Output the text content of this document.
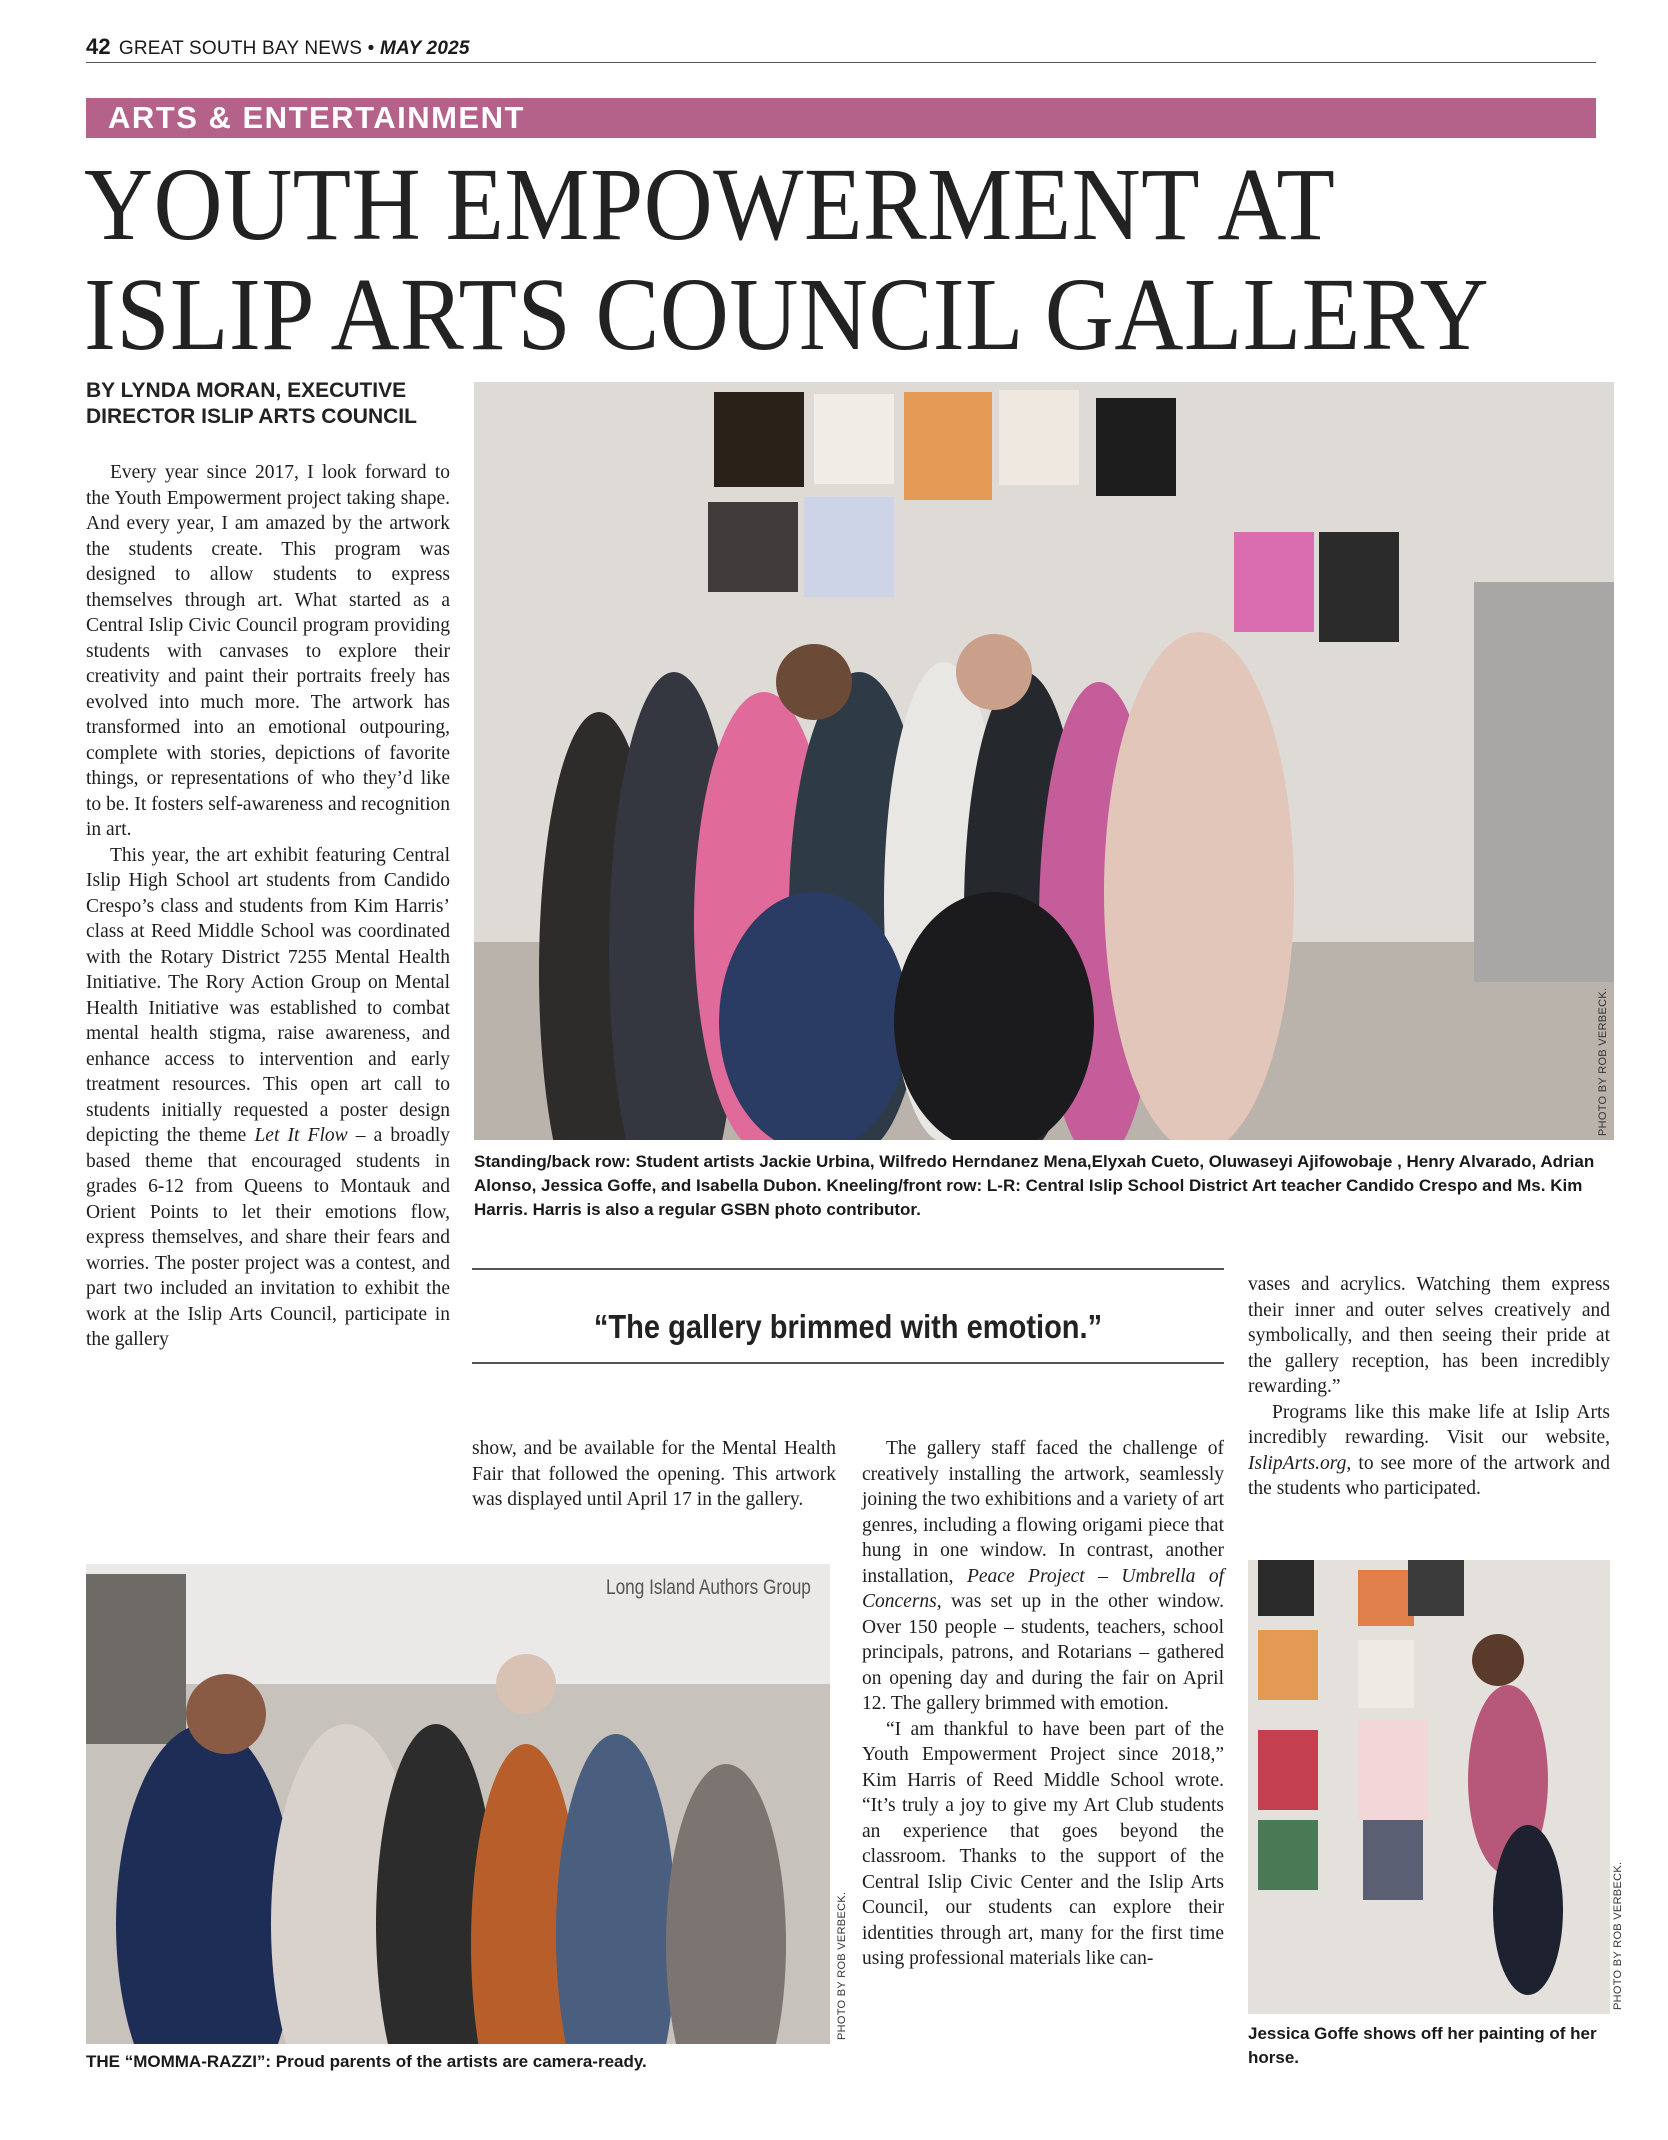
42 GREAT SOUTH BAY NEWS • MAY 2025
ARTS & ENTERTAINMENT
YOUTH EMPOWERMENT AT
ISLIP ARTS COUNCIL GALLERY
BY LYNDA MORAN, EXECUTIVE
DIRECTOR ISLIP ARTS COUNCIL

Every year since 2017, I look forward to the Youth Empowerment project taking shape. And every year, I am amazed by the artwork the students create. This program was designed to allow students to express themselves through art. What started as a Central Islip Civic Council program providing students with canvases to explore their creativity and paint their portraits freely has evolved into much more. The artwork has transformed into an emotional outpouring, complete with stories, depictions of favorite things, or representations of who they’d like to be. It fosters self-awareness and recognition in art.

This year, the art exhibit featuring Central Islip High School art students from Candido Crespo’s class and students from Kim Harris’ class at Reed Middle School was coordinated with the Rotary District 7255 Mental Health Initiative. The Rory Action Group on Mental Health Initiative was established to combat mental health stigma, raise awareness, and enhance access to intervention and early treatment resources. This open art call to students initially requested a poster design depicting the theme Let It Flow – a broadly based theme that encouraged students in grades 6-12 from Queens to Montauk and Orient Points to let their emotions flow, express themselves, and share their fears and worries. The poster project was a contest, and part two included an invitation to exhibit the work at the Islip Arts Council, participate in the gallery

PHOTO BY ROB VERBECK.
Standing/back row: Student artists Jackie Urbina, Wilfredo Herndanez Mena,Elyxah Cueto, Oluwaseyi Ajifowobaje , Henry Alvarado, Adrian Alonso, Jessica Goffe, and Isabella Dubon. Kneeling/front row: L-R: Central Islip School District Art teacher Candido Crespo and Ms. Kim Harris. Harris is also a regular GSBN photo contributor.
“The gallery brimmed with emotion.”

show, and be available for the Mental Health Fair that followed the opening. This artwork was displayed until April 17 in the gallery.

The gallery staff faced the challenge of creatively installing the artwork, seamlessly joining the two exhibitions and a variety of art genres, including a flowing origami piece that hung in one window. In contrast, another installation, Peace Project – Umbrella of Concerns, was set up in the other window. Over 150 people – students, teachers, school principals, patrons, and Rotarians – gathered on opening day and during the fair on April 12. The gallery brimmed with emotion.

“I am thankful to have been part of the Youth Empowerment Project since 2018,” Kim Harris of Reed Middle School wrote. “It’s truly a joy to give my Art Club students an experience that goes beyond the classroom. Thanks to the support of the Central Islip Civic Center and the Islip Arts Council, our students can explore their identities through art, many for the first time using professional materials like can-

vases and acrylics. Watching them express their inner and outer selves creatively and symbolically, and then seeing their pride at the gallery reception, has been incredibly rewarding.”

Programs like this make life at Islip Arts incredibly rewarding. Visit our website, IslipArts.org, to see more of the artwork and the students who participated.

Long Island Authors Group
PHOTO BY ROB VERBECK.
THE “MOMMA-RAZZI”: Proud parents of the artists are camera-ready.
PHOTO BY ROB VERBECK.
Jessica Goffe shows off her painting of her horse.
